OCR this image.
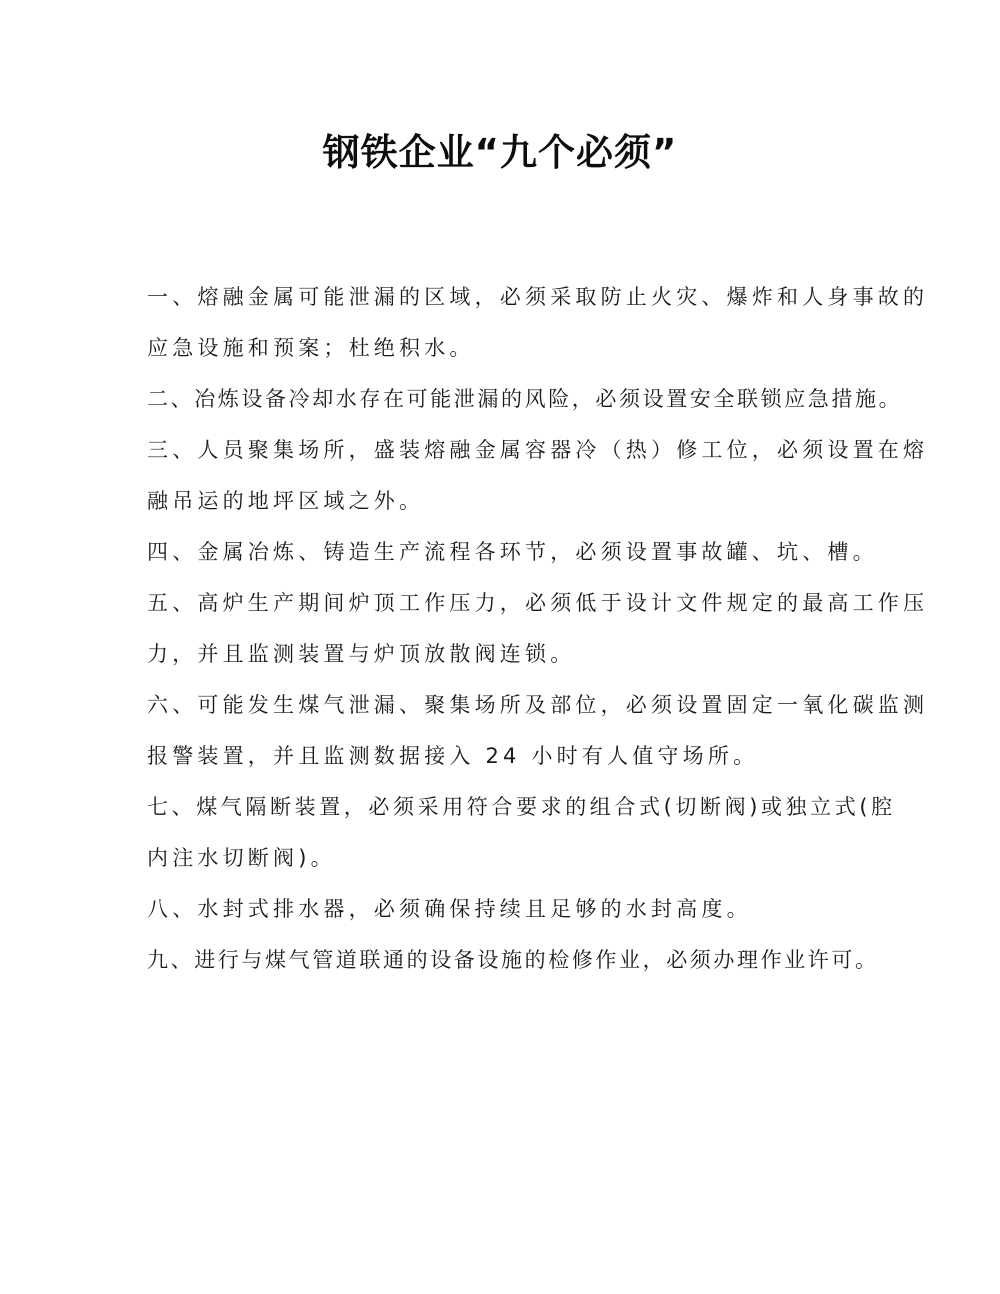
钢铁企业“九个必须”
一、熔融金属可能泄漏的区域，必须采取防止火灾、爆炸和人身事故的
应急设施和预案；杜绝积水。
二、冶炼设备冷却水存在可能泄漏的风险，必须设置安全联锁应急措施。
三、人员聚集场所，盛装熔融金属容器冷（热）修工位，必须设置在熔
融吊运的地坪区域之外。
四、金属冶炼、铸造生产流程各环节，必须设置事故罐、坑、槽。
五、高炉生产期间炉顶工作压力，必须低于设计文件规定的最高工作压
力，并且监测装置与炉顶放散阀连锁。
六、可能发生煤气泄漏、聚集场所及部位，必须设置固定一氧化碳监测
报警装置，并且监测数据接入 24 小时有人值守场所。
七、煤气隔断装置，必须采用符合要求的组合式(切断阀)或独立式(腔
内注水切断阀)。
八、水封式排水器，必须确保持续且足够的水封高度。
九、进行与煤气管道联通的设备设施的检修作业，必须办理作业许可。
